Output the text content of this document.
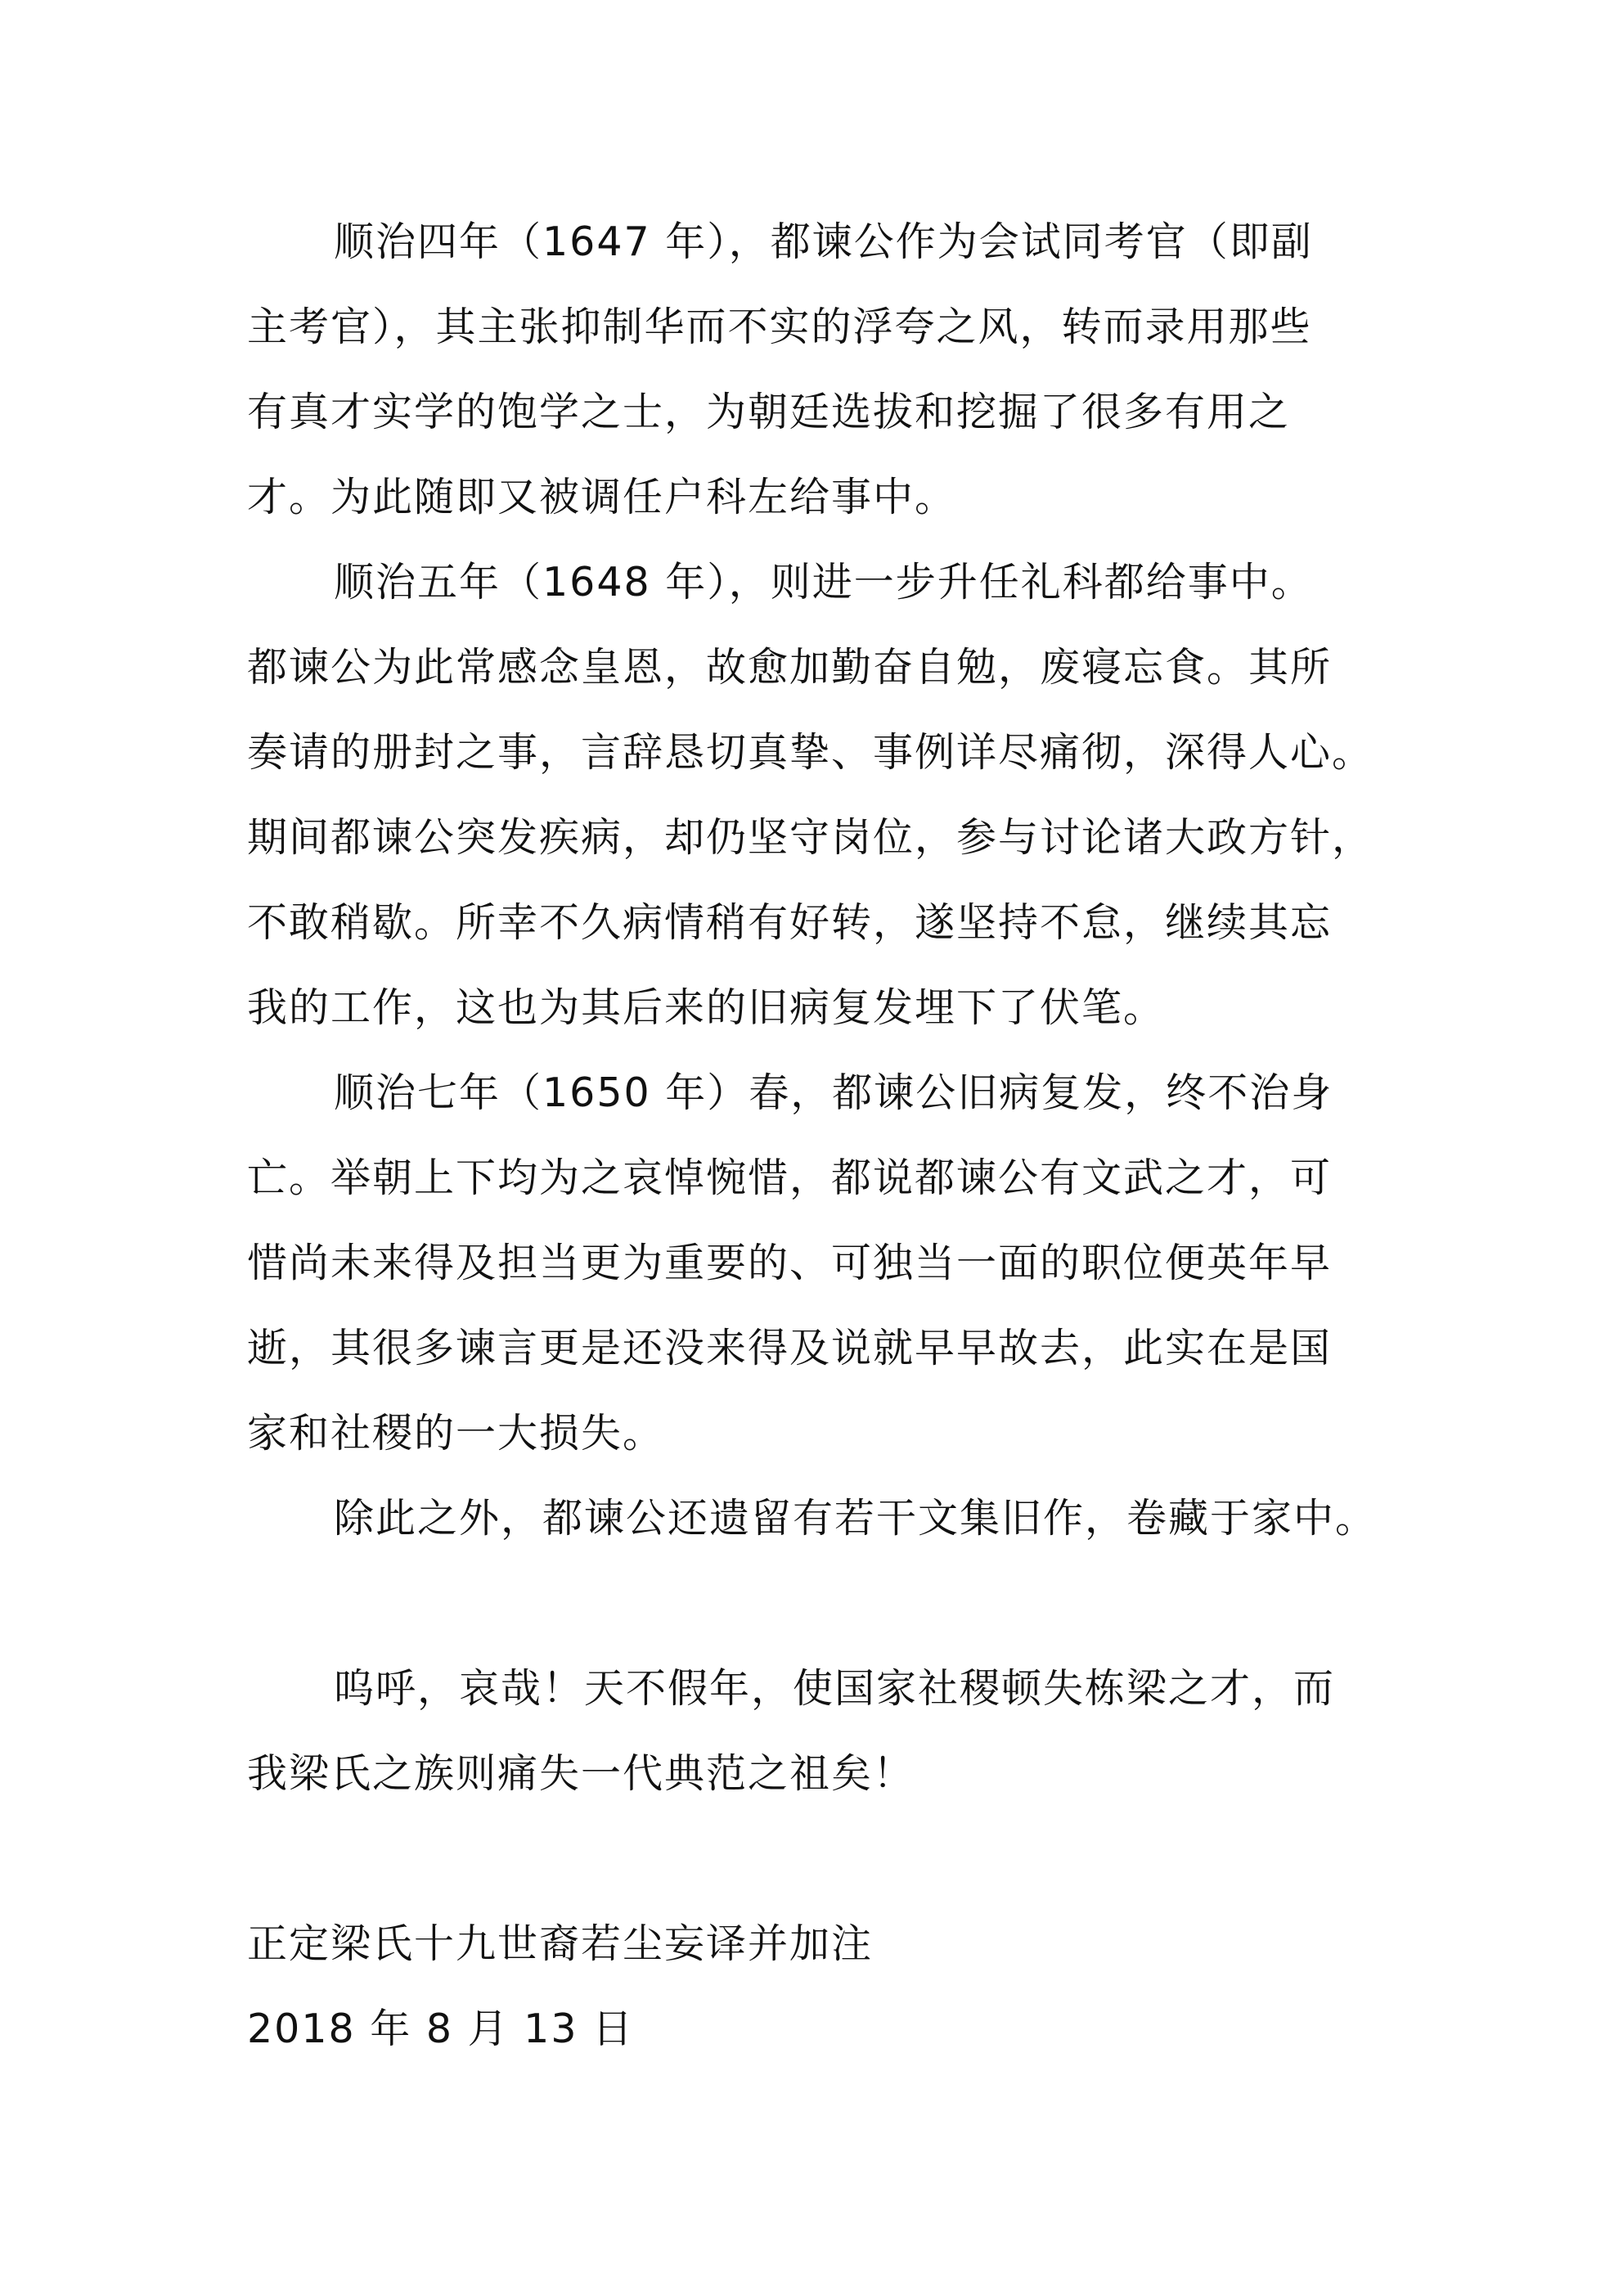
顺治四年（1647 年），都谏公作为会试同考官（即副
主考官），其主张抑制华而不实的浮夸之风，转而录用那些
有真才实学的饱学之士，为朝廷选拔和挖掘了很多有用之
才。为此随即又被调任户科左给事中。
顺治五年（1648 年），则进一步升任礼科都给事中。
都谏公为此常感念皇恩，故愈加勤奋自勉，废寝忘食。其所
奏请的册封之事，言辞恳切真挚、事例详尽痛彻，深得人心。
期间都谏公突发疾病，却仍坚守岗位，参与讨论诸大政方针，
不敢稍歇。所幸不久病情稍有好转，遂坚持不怠，继续其忘
我的工作，这也为其后来的旧病复发埋下了伏笔。
顺治七年（1650 年）春，都谏公旧病复发，终不治身
亡。举朝上下均为之哀悼惋惜，都说都谏公有文武之才，可
惜尚未来得及担当更为重要的、可独当一面的职位便英年早
逝，其很多谏言更是还没来得及说就早早故去，此实在是国
家和社稷的一大损失。
除此之外，都谏公还遗留有若干文集旧作，卷藏于家中。
呜呼，哀哉！天不假年，使国家社稷顿失栋梁之才，而
我梁氏之族则痛失一代典范之祖矣！
正定梁氏十九世裔若尘妄译并加注
2018 年 8 月 13 日
